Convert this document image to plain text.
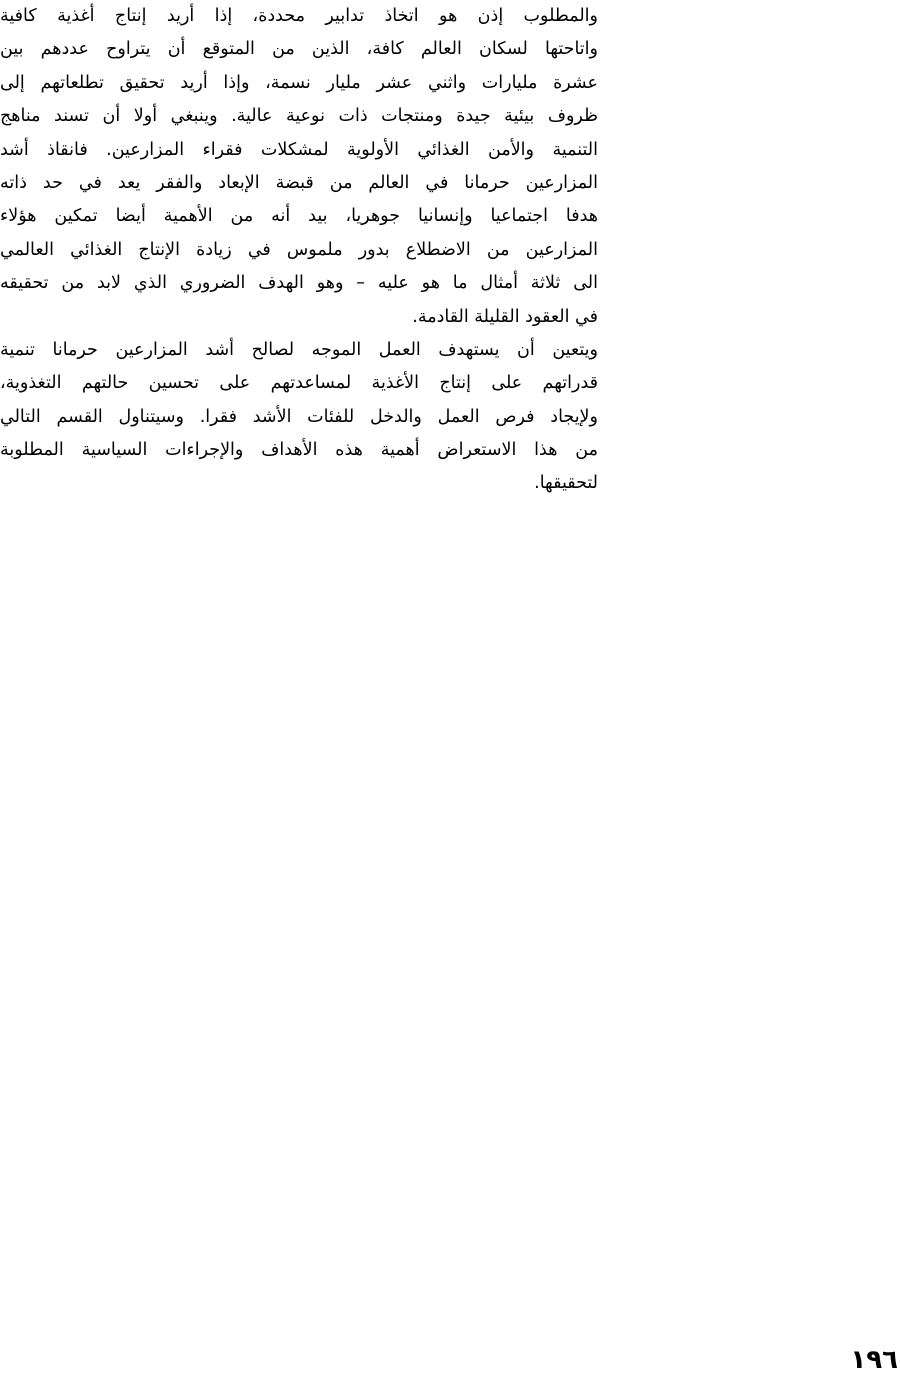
والمطلوب إذن هو اتخاذ تدابير محددة، إذا أريد إنتاج أغذية كافية
واتاحتها لسكان العالم كافة، الذين من المتوقع أن يتراوح عددهم بين
عشرة مليارات واثني عشر مليار نسمة، وإذا أريد تحقيق تطلعاتهم إلى
ظروف بيئية جيدة ومنتجات ذات نوعية عالية. وينبغي أولا أن تسند مناهج
التنمية والأمن الغذائي الأولوية لمشكلات فقراء المزارعين. فانقاذ أشد
المزارعين حرمانا في العالم من قبضة الإبعاد والفقر يعد في حد ذاته
هدفا اجتماعيا وإنسانيا جوهريا، بيد أنه من الأهمية أيضا تمكين هؤلاء
المزارعين من الاضطلاع بدور ملموس في زيادة الإنتاج الغذائي العالمي
الى ثلاثة أمثال ما هو عليه – وهو الهدف الضروري الذي لابد من تحقيقه
في العقود القليلة القادمة.
ويتعين أن يستهدف العمل الموجه لصالح أشد المزارعين حرمانا تنمية
قدراتهم على إنتاج الأغذية لمساعدتهم على تحسين حالتهم التغذوية،
ولإيجاد فرص العمل والدخل للفئات الأشد فقرا. وسيتناول القسم التالي
من هذا الاستعراض أهمية هذه الأهداف والإجراءات السياسية المطلوبة
لتحقيقها.
١٩٦
